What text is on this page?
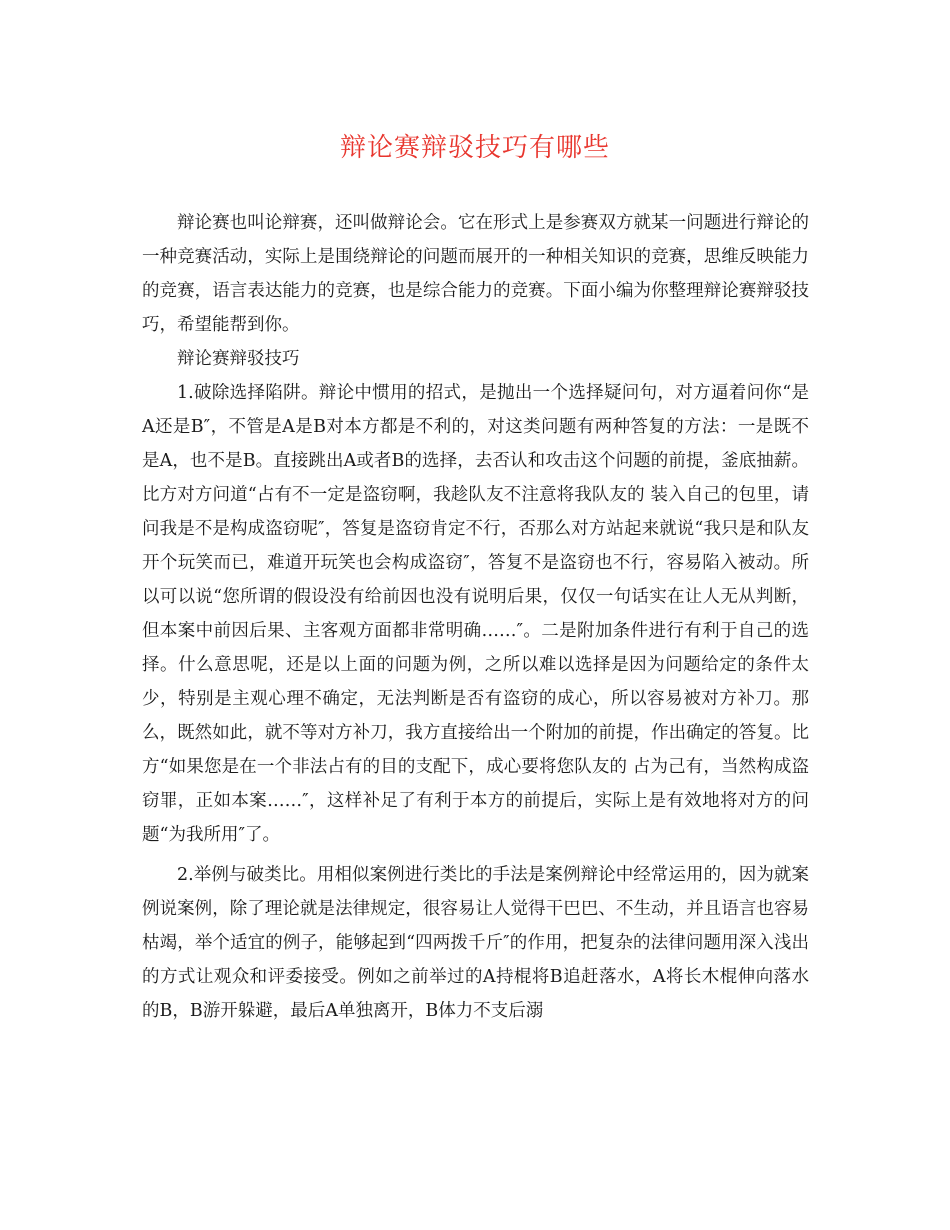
辩论赛辩驳技巧有哪些

辩论赛也叫论辩赛，还叫做辩论会。它在形式上是参赛双方就某一问题进行辩论的一种竞赛活动，实际上是围绕辩论的问题而展开的一种相关知识的竞赛，思维反映能力的竞赛，语言表达能力的竞赛，也是综合能力的竞赛。下面小编为你整理辩论赛辩驳技巧，希望能帮到你。

辩论赛辩驳技巧

1.破除选择陷阱。辩论中惯用的招式，是抛出一个选择疑问句，对方逼着问你“是A还是B″，不管是A是B对本方都是不利的，对这类问题有两种答复的方法：一是既不是A，也不是B。直接跳出A或者B的选择，去否认和攻击这个问题的前提，釜底抽薪。比方对方问道“占有不一定是盗窃啊，我趁队友不注意将我队友的 装入自己的包里，请问我是不是构成盗窃呢″，答复是盗窃肯定不行，否那么对方站起来就说“我只是和队友开个玩笑而已，难道开玩笑也会构成盗窃″，答复不是盗窃也不行，容易陷入被动。所以可以说“您所谓的假设没有给前因也没有说明后果，仅仅一句话实在让人无从判断，但本案中前因后果、主客观方面都非常明确……″。二是附加条件进行有利于自己的选择。什么意思呢，还是以上面的问题为例，之所以难以选择是因为问题给定的条件太少，特别是主观心理不确定，无法判断是否有盗窃的成心，所以容易被对方补刀。那么，既然如此，就不等对方补刀，我方直接给出一个附加的前提，作出确定的答复。比方“如果您是在一个非法占有的目的支配下，成心要将您队友的 占为己有，当然构成盗窃罪，正如本案……″，这样补足了有利于本方的前提后，实际上是有效地将对方的问题“为我所用″了。

2.举例与破类比。用相似案例进行类比的手法是案例辩论中经常运用的，因为就案例说案例，除了理论就是法律规定，很容易让人觉得干巴巴、不生动，并且语言也容易枯竭，举个适宜的例子，能够起到“四两拨千斤″的作用，把复杂的法律问题用深入浅出的方式让观众和评委接受。例如之前举过的A持棍将B追赶落水，A将长木棍伸向落水的B，B游开躲避，最后A单独离开，B体力不支后溺
